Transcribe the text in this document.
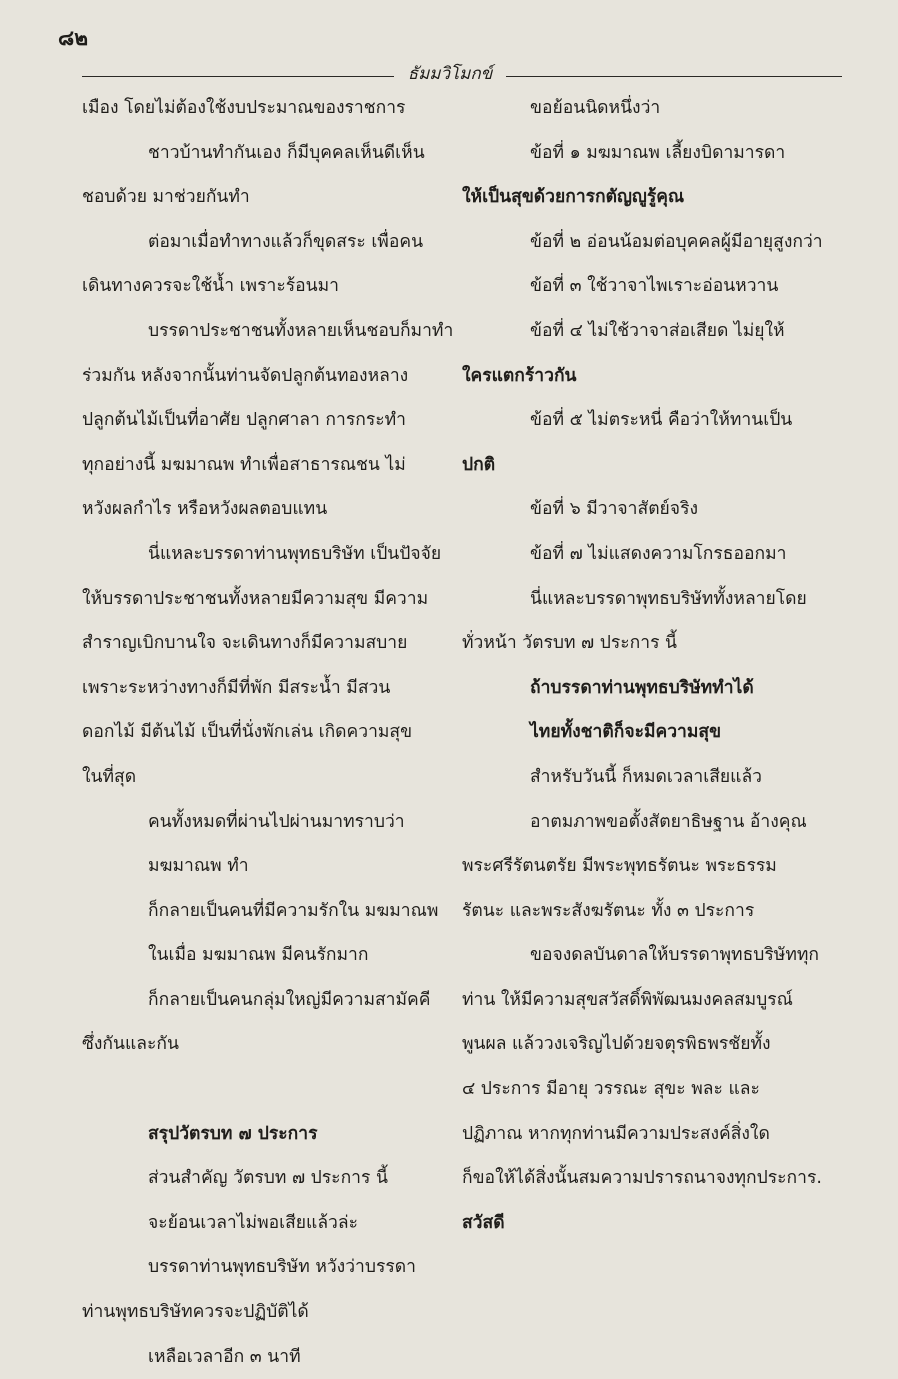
๘๒
ธัมมวิโมกข์
เมือง โดยไม่ต้องใช้งบประมาณของราชการ
ชาวบ้านทำกันเอง ก็มีบุคคลเห็นดีเห็น
ชอบด้วย มาช่วยกันทำ
ต่อมาเมื่อทำทางแล้วก็ขุดสระ เพื่อคน
เดินทางควรจะใช้น้ำ เพราะร้อนมา
บรรดาประชาชนทั้งหลายเห็นชอบก็มาทำ
ร่วมกัน หลังจากนั้นท่านจัดปลูกต้นทองหลาง
ปลูกต้นไม้เป็นที่อาศัย ปลูกศาลา การกระทำ
ทุกอย่างนี้ มฆมาณพ ทำเพื่อสาธารณชน ไม่
หวังผลกำไร หรือหวังผลตอบแทน
นี่แหละบรรดาท่านพุทธบริษัท เป็นปัจจัย
ให้บรรดาประชาชนทั้งหลายมีความสุข มีความ
สำราญเบิกบานใจ จะเดินทางก็มีความสบาย
เพราะระหว่างทางก็มีที่พัก มีสระน้ำ มีสวน
ดอกไม้ มีต้นไม้ เป็นที่นั่งพักเล่น เกิดความสุข
ในที่สุด
คนทั้งหมดที่ผ่านไปผ่านมาทราบว่า
มฆมาณพ ทำ
ก็กลายเป็นคนที่มีความรักใน มฆมาณพ
ในเมื่อ มฆมาณพ มีคนรักมาก
ก็กลายเป็นคนกลุ่มใหญ่มีความสามัคคี
ซึ่งกันและกัน
สรุปวัตรบท ๗ ประการ
ส่วนสำคัญ วัตรบท ๗ ประการ นี้
จะย้อนเวลาไม่พอเสียแล้วล่ะ
บรรดาท่านพุทธบริษัท หวังว่าบรรดา
ท่านพุทธบริษัทควรจะปฏิบัติได้
เหลือเวลาอีก ๓ นาที
ขอย้อนนิดหนึ่งว่า
ข้อที่ ๑ มฆมาณพ เลี้ยงบิดามารดา
ให้เป็นสุขด้วยการกตัญญูรู้คุณ
ข้อที่ ๒ อ่อนน้อมต่อบุคคลผู้มีอายุสูงกว่า
ข้อที่ ๓ ใช้วาจาไพเราะอ่อนหวาน
ข้อที่ ๔ ไม่ใช้วาจาส่อเสียด ไม่ยุให้
ใครแตกร้าวกัน
ข้อที่ ๕ ไม่ตระหนี่ คือว่าให้ทานเป็น
ปกติ
ข้อที่ ๖ มีวาจาสัตย์จริง
ข้อที่ ๗ ไม่แสดงความโกรธออกมา
นี่แหละบรรดาพุทธบริษัททั้งหลายโดย
ทั่วหน้า วัตรบท ๗ ประการ นี้
ถ้าบรรดาท่านพุทธบริษัททำได้
ไทยทั้งชาติก็จะมีความสุข
สำหรับวันนี้ ก็หมดเวลาเสียแล้ว
อาตมภาพขอตั้งสัตยาธิษฐาน อ้างคุณ
พระศรีรัตนตรัย มีพระพุทธรัตนะ พระธรรม
รัตนะ และพระสังฆรัตนะ ทั้ง ๓ ประการ
ขอจงดลบันดาลให้บรรดาพุทธบริษัททุก
ท่าน ให้มีความสุขสวัสดิ์พิพัฒนมงคลสมบูรณ์
พูนผล แล้ววงเจริญไปด้วยจตุรพิธพรชัยทั้ง
๔ ประการ มีอายุ วรรณะ สุขะ พละ และ
ปฏิภาณ หากทุกท่านมีความประสงค์สิ่งใด
ก็ขอให้ได้สิ่งนั้นสมความปรารถนาจงทุกประการ.
สวัสดี
